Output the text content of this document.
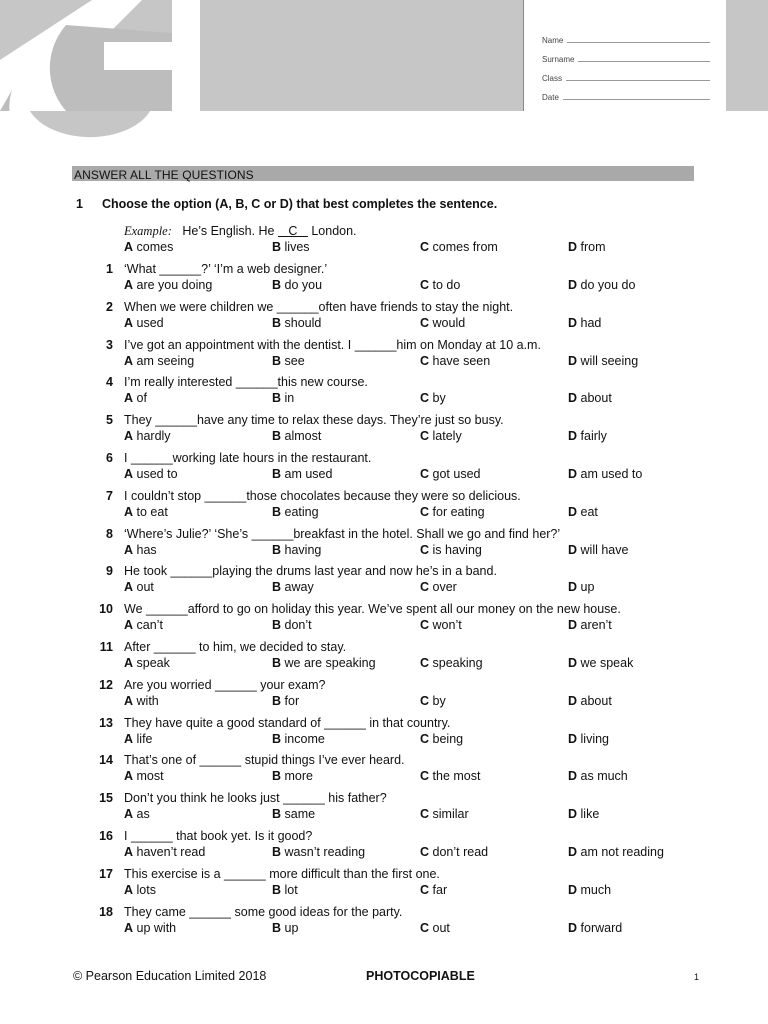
Name
Surname
Class
Date
ANSWER ALL THE QUESTIONS
1 Choose the option (A, B, C or D) that best completes the sentence.
Example: He’s English. He    C    London.
A comes	B lives	C comes from	D from
1 ‘What ______?’ ‘I’m a web designer.’
A are you doing	B do you	C to do	D do you do
2 When we were children we ______often have friends to stay the night.
A used	B should	C would	D had
3 I’ve got an appointment with the dentist. I ______him on Monday at 10 a.m.
A am seeing	B see	C have seen	D will seeing
4 I’m really interested ______this new course.
A of	B in	C by	D about
5 They ______have any time to relax these days. They’re just so busy.
A hardly	B almost	C lately	D fairly
6 I ______working late hours in the restaurant.
A used to	B am used	C got used	D am used to
7 I couldn’t stop ______those chocolates because they were so delicious.
A to eat	B eating	C for eating	D eat
8 ‘Where’s Julie?’ ‘She’s ______breakfast in the hotel. Shall we go and find her?’
A has	B having	C is having	D will have
9 He took ______playing the drums last year and now he’s in a band.
A out	B away	C over	D up
10 We ______afford to go on holiday this year. We’ve spent all our money on the new house.
A can’t	B don’t	C won’t	D aren’t
11 After ______ to him, we decided to stay.
A speak	B we are speaking	C speaking	D we speak
12 Are you worried ______ your exam?
A with	B for	C by	D about
13 They have quite a good standard of ______ in that country.
A life	B income	C being	D living
14 That’s one of ______ stupid things I’ve ever heard.
A most	B more	C the most	D as much
15 Don’t you think he looks just ______ his father?
A as	B same	C similar	D like
16 I ______ that book yet. Is it good?
A haven’t read	B wasn’t reading	C don’t read	D am not reading
17 This exercise is a ______ more difficult than the first one.
A lots	B lot	C far	D much
18 They came ______ some good ideas for the party.
A up with	B up	C out	D forward
© Pearson Education Limited 2018	PHOTOCOPIABLE	1
